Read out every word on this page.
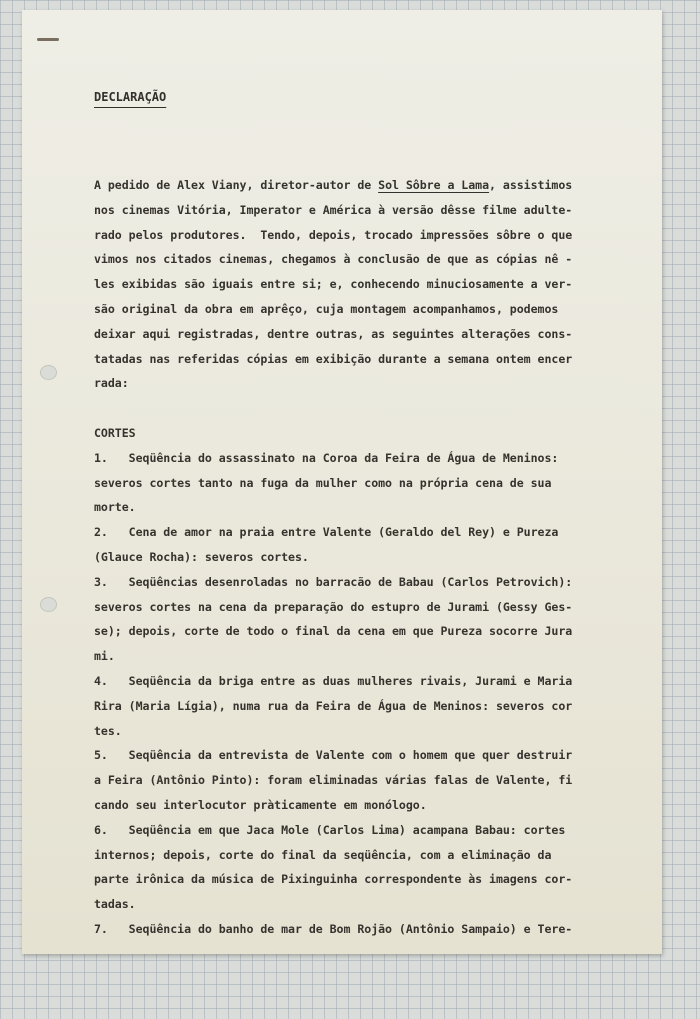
DECLARAÇÃO
A pedido de Alex Viany, diretor-autor de Sol Sôbre a Lama, assistimos
nos cinemas Vitória, Imperator e América à versão dêsse filme adulte-
rado pelos produtores.  Tendo, depois, trocado impressões sôbre o que
vimos nos citados cinemas, chegamos à conclusão de que as cópias nê -
les exibidas são iguais entre si; e, conhecendo minuciosamente a ver-
são original da obra em aprêço, cuja montagem acompanhamos, podemos
deixar aqui registradas, dentre outras, as seguintes alterações cons-
tatadas nas referidas cópias em exibição durante a semana ontem encer
rada:
CORTES
1.   Seqüência do assassinato na Coroa da Feira de Água de Meninos:
severos cortes tanto na fuga da mulher como na própria cena de sua
morte.
2.   Cena de amor na praia entre Valente (Geraldo del Rey) e Pureza
(Glauce Rocha): severos cortes.
3.   Seqüências desenroladas no barracão de Babau (Carlos Petrovich):
severos cortes na cena da preparação do estupro de Jurami (Gessy Ges-
se); depois, corte de todo o final da cena em que Pureza socorre Jura
mi.
4.   Seqüência da briga entre as duas mulheres rivais, Jurami e Maria
Rira (Maria Lígia), numa rua da Feira de Água de Meninos: severos cor
tes.
5.   Seqüência da entrevista de Valente com o homem que quer destruir
a Feira (Antônio Pinto): foram eliminadas várias falas de Valente, fi
cando seu interlocutor pràticamente em monólogo.
6.   Seqüência em que Jaca Mole (Carlos Lima) acampana Babau: cortes
internos; depois, corte do final da seqüência, com a eliminação da
parte irônica da música de Pixinguinha correspondente às imagens cor-
tadas.
7.   Seqüência do banho de mar de Bom Rojão (Antônio Sampaio) e Tere-
